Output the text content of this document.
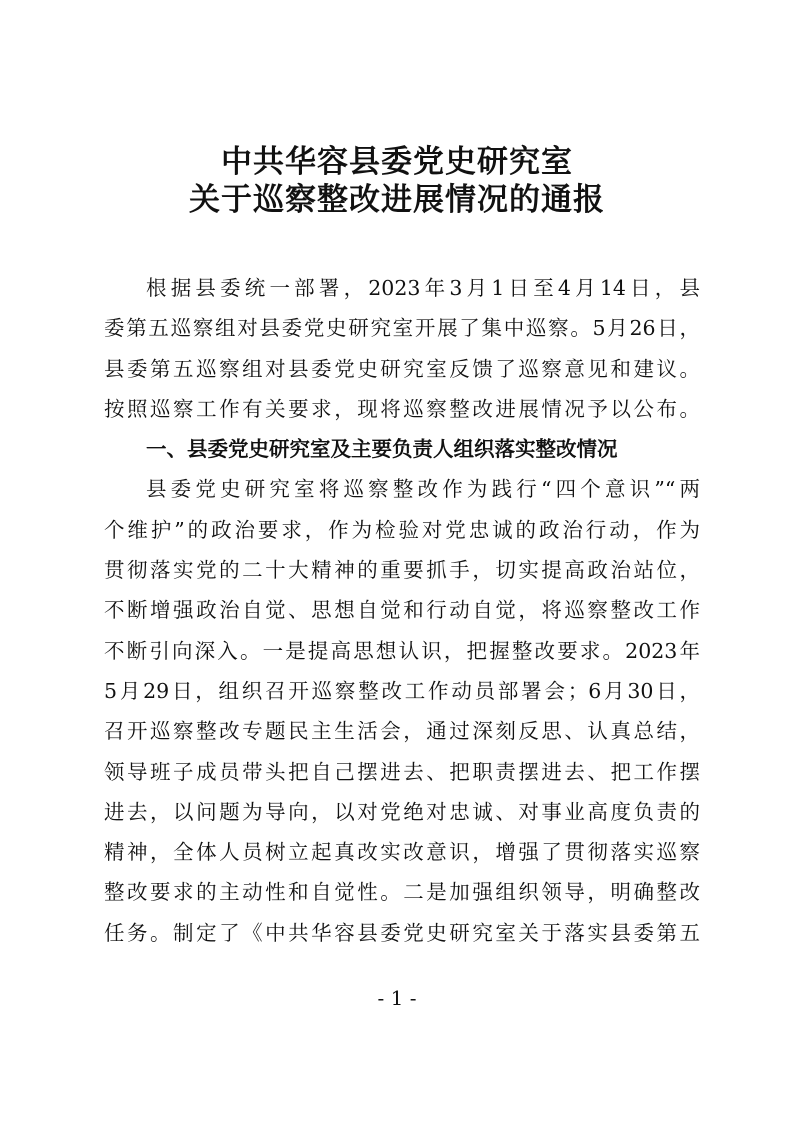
中共华容县委党史研究室
关于巡察整改进展情况的通报
根据县委统一部署，2023年3月1日至4月14日，县
委第五巡察组对县委党史研究室开展了集中巡察。5月26日，
县委第五巡察组对县委党史研究室反馈了巡察意见和建议。
按照巡察工作有关要求，现将巡察整改进展情况予以公布。
一、县委党史研究室及主要负责人组织落实整改情况
县委党史研究室将巡察整改作为践行“四个意识”“两
个维护”的政治要求，作为检验对党忠诚的政治行动，作为
贯彻落实党的二十大精神的重要抓手，切实提高政治站位，
不断增强政治自觉、思想自觉和行动自觉，将巡察整改工作
不断引向深入。一是提高思想认识，把握整改要求。2023年
5月29日，组织召开巡察整改工作动员部署会；6月30日，
召开巡察整改专题民主生活会，通过深刻反思、认真总结，
领导班子成员带头把自己摆进去、把职责摆进去、把工作摆
进去，以问题为导向，以对党绝对忠诚、对事业高度负责的
精神，全体人员树立起真改实改意识，增强了贯彻落实巡察
整改要求的主动性和自觉性。二是加强组织领导，明确整改
任务。制定了《中共华容县委党史研究室关于落实县委第五
- 1 -
